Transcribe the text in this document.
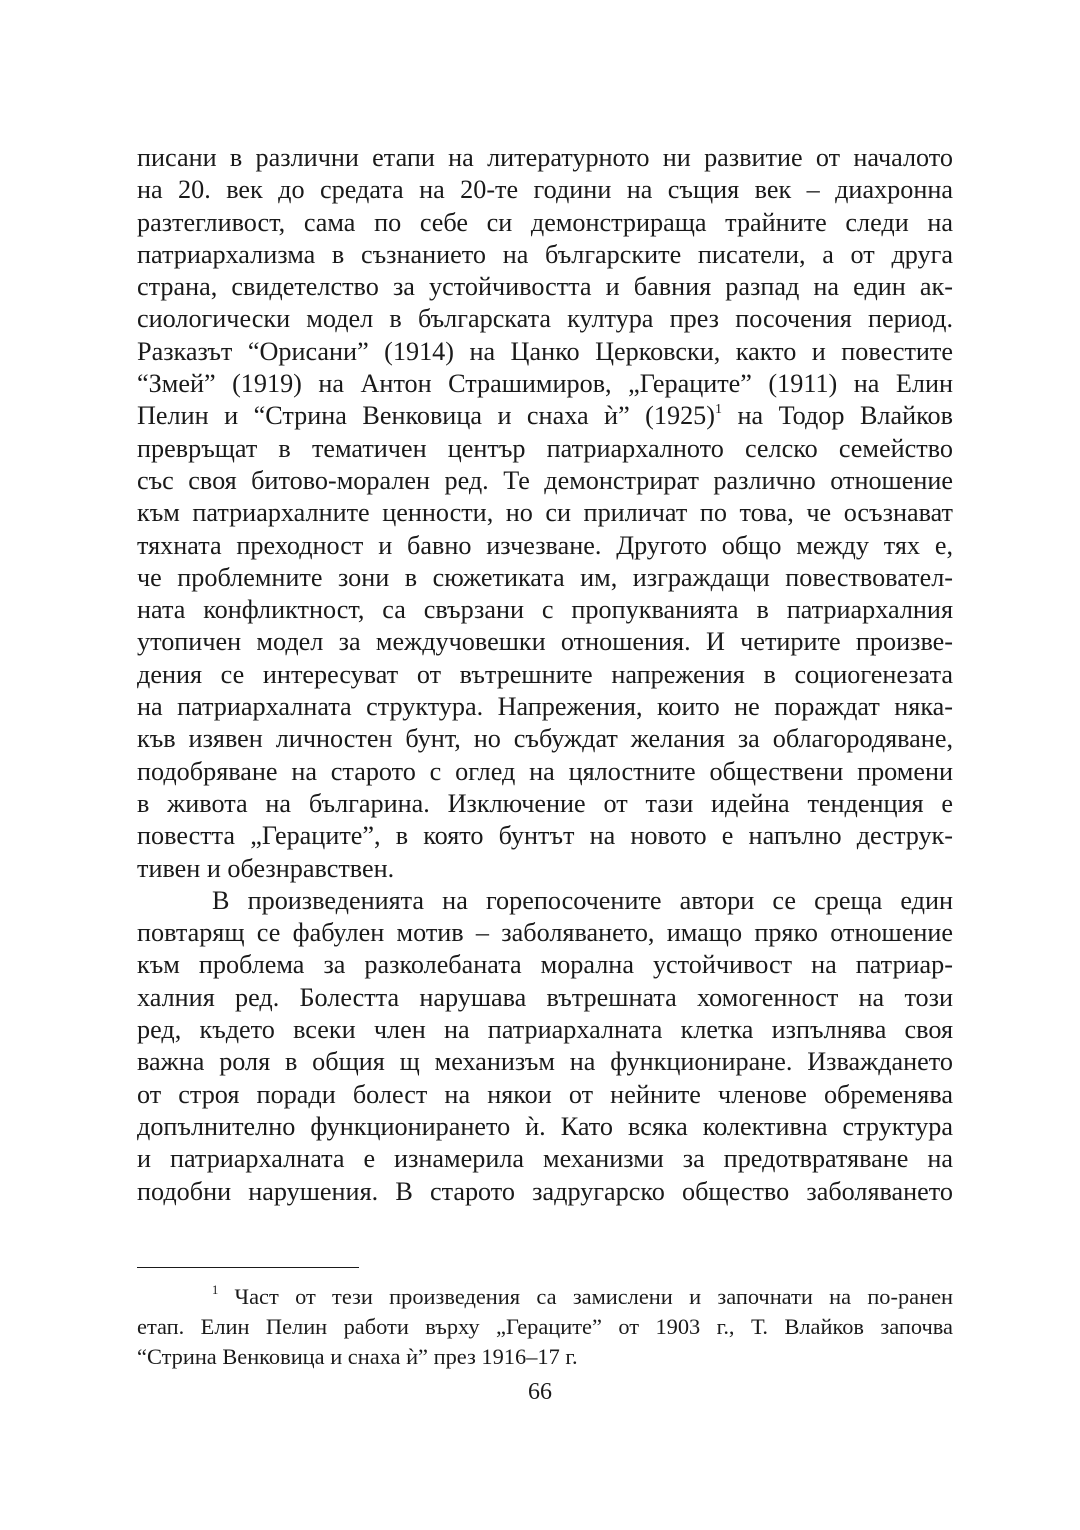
писани в различни етапи на литературното ни развитие от началото
на 20. век до средата на 20-те години на същия век – диахронна
разтегливост, сама по себе си демонстрираща трайните следи на
патриархализма в съзнанието на българските писатели, а от друга
страна, свидетелство за устойчивостта и бавния разпад на един ак-
сиологически модел в българската култура през посочения период.
Разказът “Орисани” (1914) на Цанко Церковски, както и повестите
“Змей” (1919) на Антон Страшимиров, „Гераците” (1911) на Елин
Пелин и “Стрина Венковица и снаха ѝ” (1925)$^1$ на Тодор Влайков
превръщат в тематичен център патриархалното селско семейство
със своя битово-морален ред. Те демонстрират различно отношение
към патриархалните ценности, но си приличат по това, че осъзнават
тяхната преходност и бавно изчезване. Другото общо между тях е,
че проблемните зони в сюжетиката им, изграждащи повествовател-
ната конфликтност, са свързани с пропукванията в патриархалния
утопичен модел за междучовешки отношения. И четирите произве-
дения се интересуват от вътрешните напрежения в социогенезата
на патриархалната структура. Напрежения, които не пораждат няка-
къв изявен личностен бунт, но събуждат желания за облагородяване,
подобряване на старото с оглед на цялостните обществени промени
в живота на българина. Изключение от тази идейна тенденция е
повестта „Гераците”, в която бунтът на новото е напълно деструк-
тивен и обезнравствен.

В произведенията на горепосочените автори се среща един
повтарящ се фабулен мотив – заболяването, имащо пряко отношение
към проблема за разколебаната морална устойчивост на патриар-
халния ред. Болестта нарушава вътрешната хомогенност на този
ред, където всеки член на патриархалната клетка изпълнява своя
важна роля в общия щ механизъм на функциониране. Изваждането
от строя поради болест на някои от нейните членове обременява
допълнително функционирането ѝ. Като всяка колективна структура
и патриархалната е изнамерила механизми за предотвратяване на
подобни нарушения. В старото задругарско общество заболяването

$^1$ Част от тези произведения са замислени и започнати на по-ранен
етап. Елин Пелин работи върху „Гераците” от 1903 г., Т. Влайков започва
“Стрина Венковица и снаха ѝ” през 1916–17 г.
66
